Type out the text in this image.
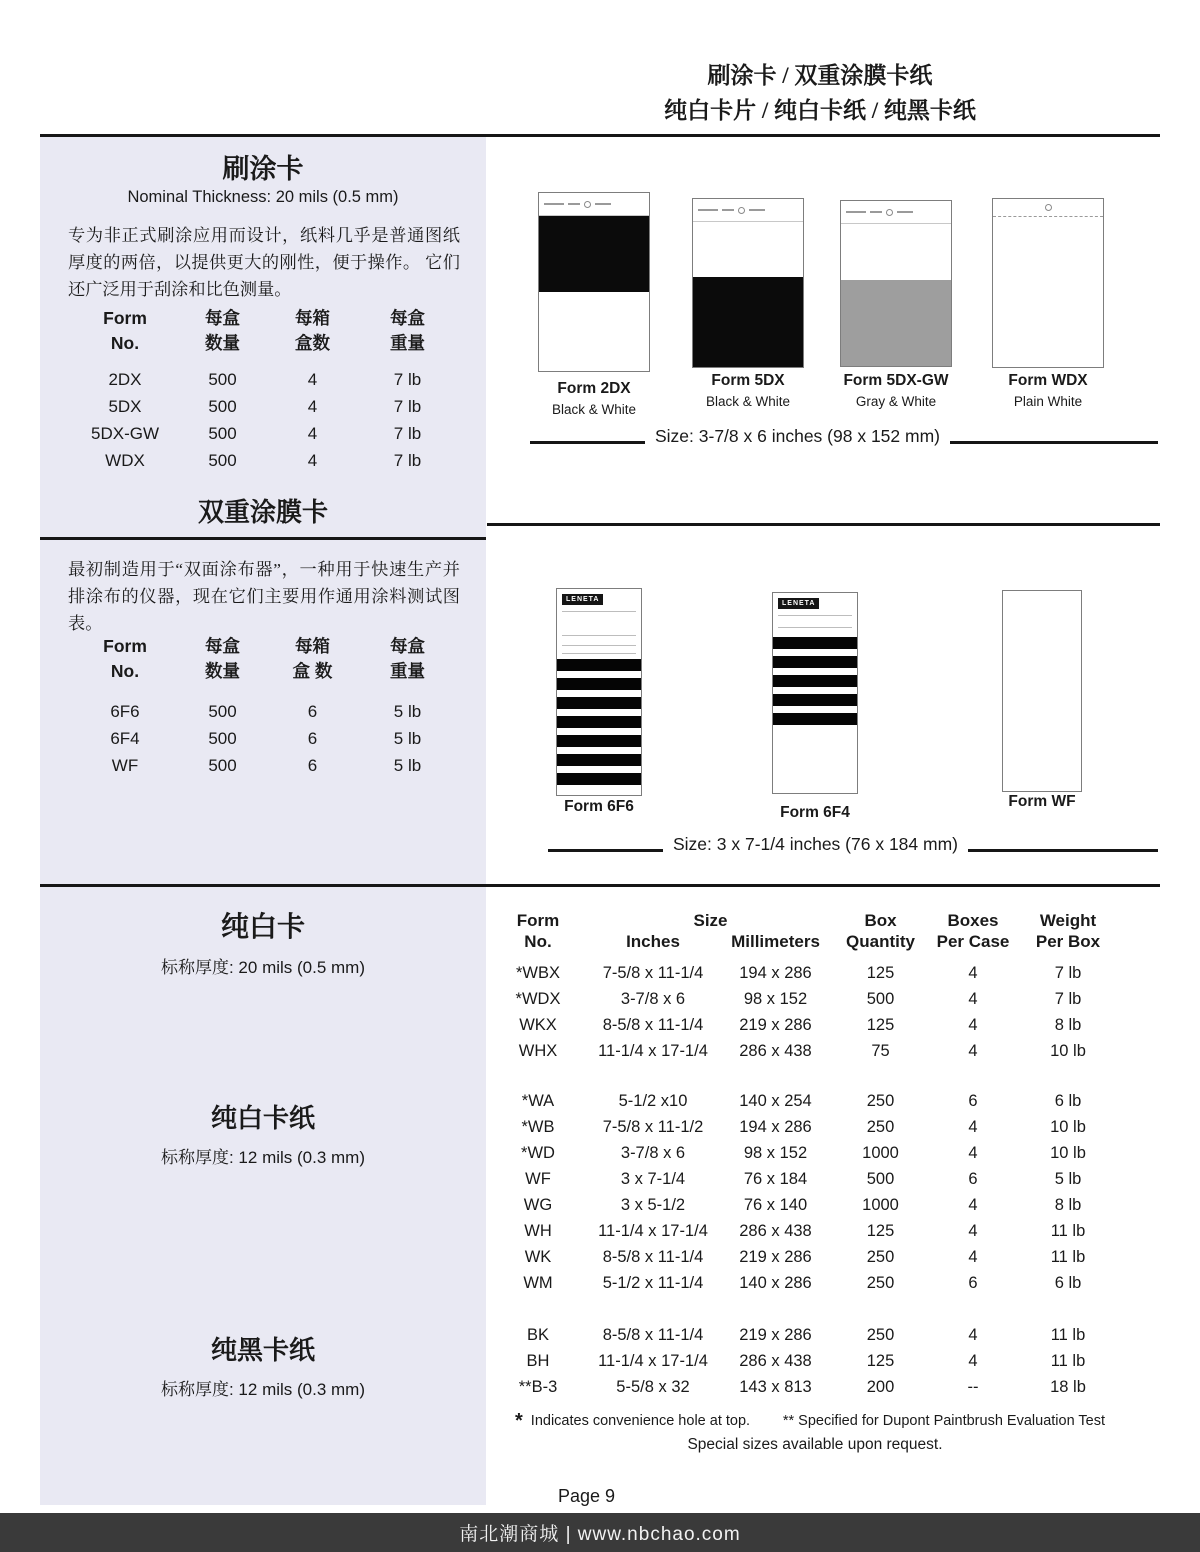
刷涂卡 / 双重涂膜卡纸
纯白卡片 / 纯白卡纸 / 纯黑卡纸
刷涂卡
Nominal Thickness: 20 mils (0.5 mm)
专为非正式刷涂应用而设计，纸料几乎是普通图纸厚度的两倍，以提供更大的刚性，便于操作。 它们还广泛用于刮涂和比色测量。
Form	每盒	每箱	每盒
No.	数量	盒数	重量
2DX	500	4	7 lb
5DX	500	4	7 lb
5DX-GW	500	4	7 lb
WDX	500	4	7 lb
Form 2DX
Black & White
Form 5DX
Black & White
Form 5DX-GW
Gray & White
Form WDX
Plain White
Size: 3-7/8 x 6 inches (98 x 152 mm)
双重涂膜卡
最初制造用于“双面涂布器”，一种用于快速生产并排涂布的仪器，现在它们主要用作通用涂料测试图表。
Form	每盒	每箱	每盒
No.	数量	盒 数	重量
6F6	500	6	5 lb
6F4	500	6	5 lb
WF	500	6	5 lb
LENETA
LENETA
Form 6F6	Form 6F4
Form WF
Size: 3 x 7-1/4 inches (76 x 184 mm)
纯白卡
标称厚度: 20 mils (0.5 mm)
纯白卡纸
标称厚度: 12 mils (0.3 mm)
纯黑卡纸
标称厚度: 12 mils (0.3 mm)
Form
No.
Size
Inches	Millimeters
Box
Quantity
Boxes
Per Case
Weight
Per Box
*WBX	7-5/8 x 11-1/4	194 x 286	125	4	7 lb
*WDX	3-7/8 x 6	98 x 152	500	4	7 lb
WKX	8-5/8 x 11-1/4	219 x 286	125	4	8 lb
WHX	11-1/4 x 17-1/4	286 x 438	75	4	10 lb
*WA	5-1/2 x10	140 x 254	250	6	6 lb
*WB	7-5/8 x 11-1/2	194 x 286	250	4	10 lb
*WD	3-7/8 x 6	98 x 152	1000	4	10 lb
WF	3 x 7-1/4	76 x 184	500	6	5 lb
WG	3 x 5-1/2	76 x 140	1000	4	8 lb
WH	11-1/4 x 17-1/4	286 x 438	125	4	11 lb
WK	8-5/8 x 11-1/4	219 x 286	250	4	11 lb
WM	5-1/2 x 11-1/4	140 x 286	250	6	6 lb
BK	8-5/8 x 11-1/4	219 x 286	250	4	11 lb
BH	11-1/4 x 17-1/4	286 x 438	125	4	11 lb
**B-3	5-5/8 x 32	143 x 813	200	--	18 lb
* Indicates convenience hole at top. ** Specified for Dupont Paintbrush Evaluation Test
Special sizes available upon request.
Page 9
南北潮商城 | www.nbchao.com
